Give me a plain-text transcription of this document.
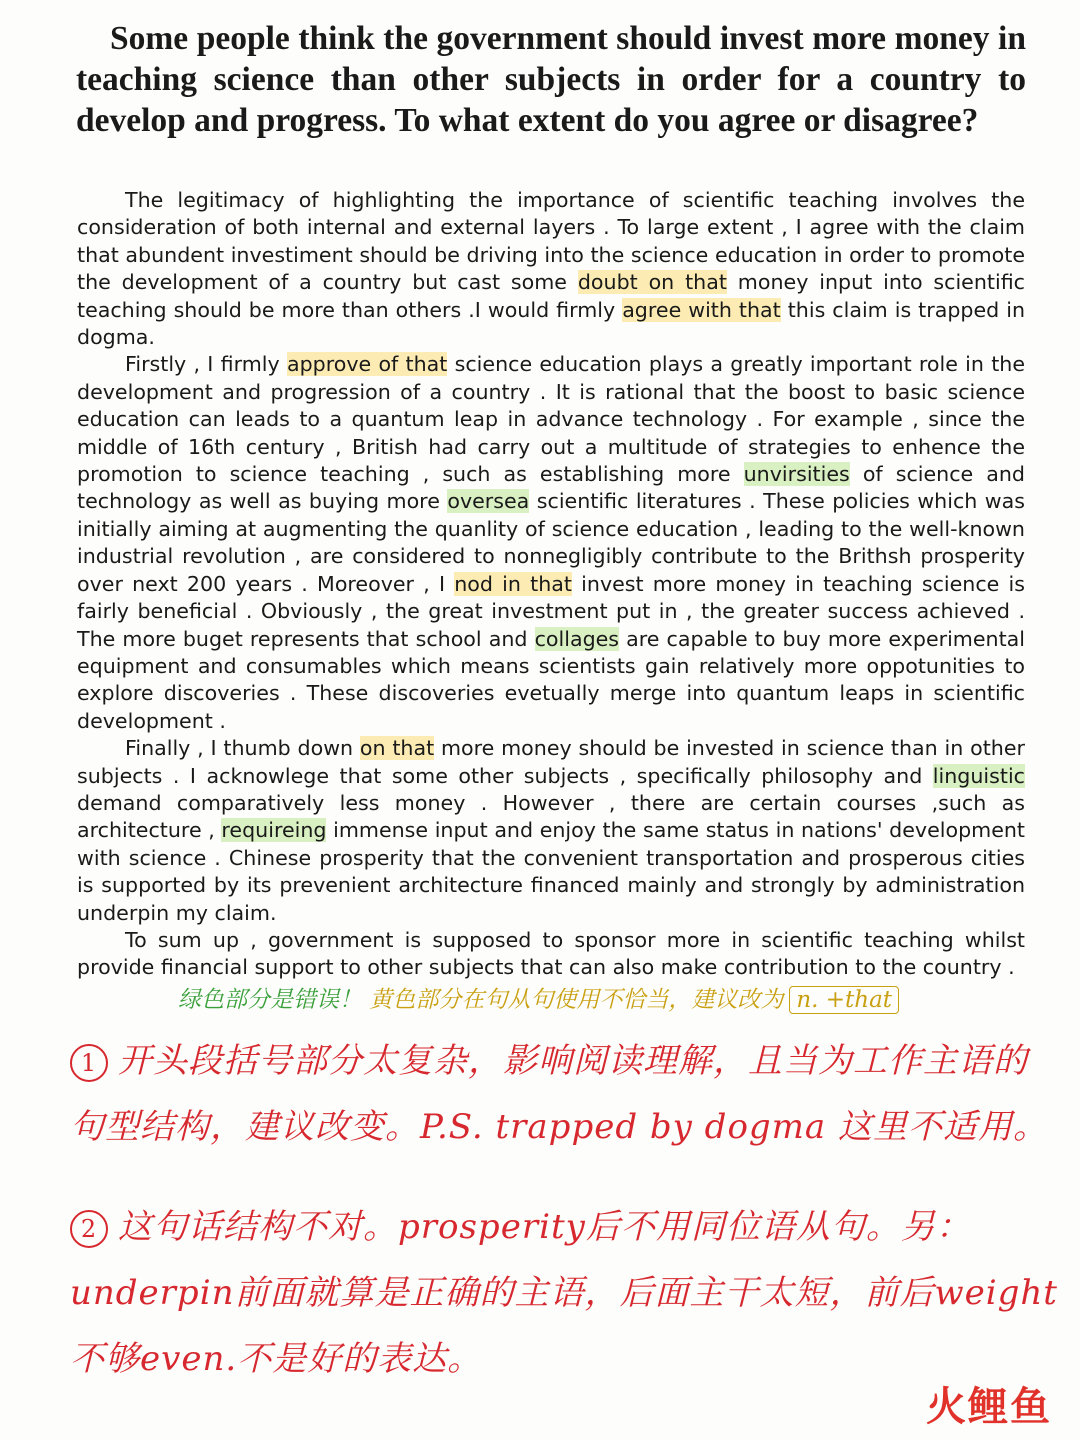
Some people think the government should invest more money in teaching science than other subjects in order for a country to develop and progress. To what extent do you agree or disagree?

The legitimacy of highlighting the importance of scientific teaching involves the consideration of both internal and external layers . To large extent , I agree with the claim that abundent investiment should be driving into the science education in order to promote the development of a country but cast some doubt on that money input into scientific teaching should be more than others .I would firmly agree with that this claim is trapped in dogma.

Firstly , I firmly approve of that science education plays a greatly important role in the development and progression of a country . It is rational that the boost to basic science education can leads to a quantum leap in advance technology . For example , since the middle of 16th century , British had carry out a multitude of strategies to enhence the promotion to science teaching , such as establishing more unvirsities of science and technology as well as buying more oversea scientific literatures . These policies which was initially aiming at augmenting the quanlity of science education , leading to the well-known industrial revolution , are considered to nonnegligibly contribute to the Brithsh prosperity over next 200 years . Moreover , I nod in that invest more money in teaching science is fairly beneficial . Obviously , the great investment put in , the greater success achieved . The more buget represents that school and collages are capable to buy more experimental equipment and consumables which means scientists gain relatively more oppotunities to explore discoveries . These discoveries evetually merge into quantum leaps in scientific development .

Finally , I thumb down on that more money should be invested in science than in other subjects . I acknowlege that some other subjects , specifically philosophy and linguistic demand comparatively less money . However , there are certain courses ,such as architecture , requireing immense input and enjoy the same status in nations' development with science . Chinese prosperity that the convenient transportation and prosperous cities is supported by its prevenient architecture financed mainly and strongly by administration underpin my claim.

To sum up , government is supposed to sponsor more in scientific teaching whilst provide financial support to other subjects that can also make contribution to the country .

绿色部分是错误！ 黄色部分在句从句使用不恰当，建议改为 n. +that

1 开头段括号部分太复杂，影响阅读理解，且当为工作主语的句型结构，建议改变。P.S. trapped by dogma 这里不适用。

2 这句话结构不对。prosperity后不用同位语从句。另：underpin前面就算是正确的主语，后面主干太短，前后weight不够even.不是好的表达。

火鲤鱼
